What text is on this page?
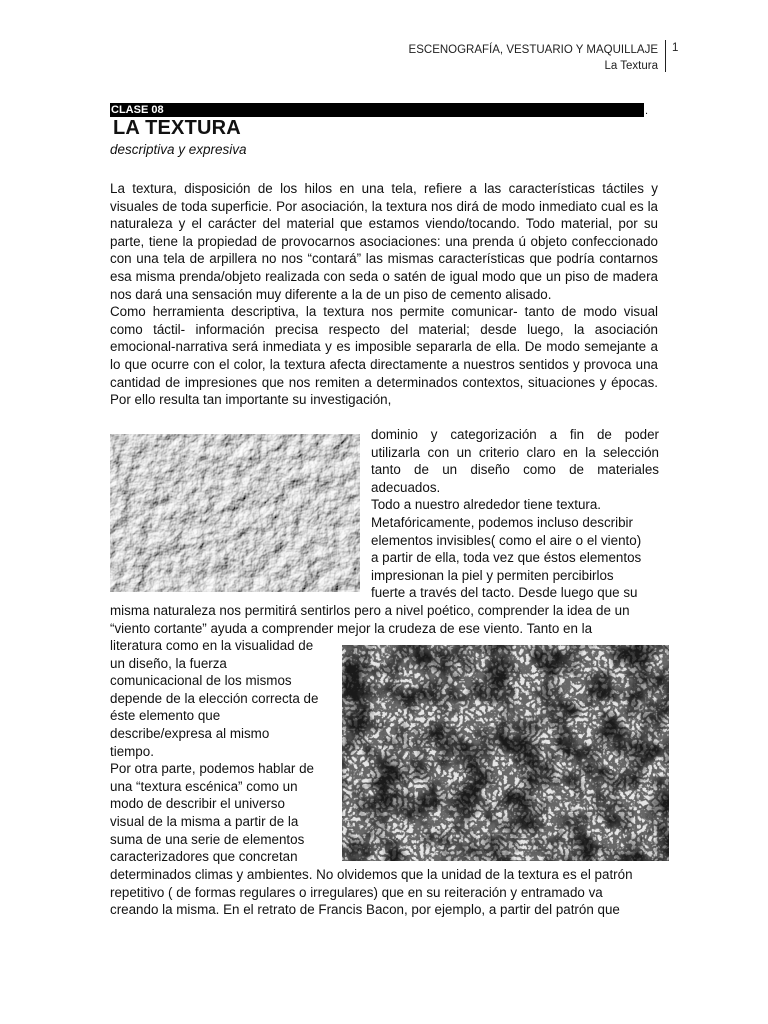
ESCENOGRAFÍA, VESTUARIO Y MAQUILLAJE
La Textura
1
CLASE 08	.
LA TEXTURA
descriptiva y expresiva

La textura, disposición de los hilos en una tela, refiere a las características táctiles y visuales de toda superficie. Por asociación, la textura nos dirá de modo inmediato cual es la naturaleza y el carácter del material que estamos viendo/tocando. Todo material, por su parte, tiene la propiedad de provocarnos asociaciones: una prenda ú objeto confeccionado con una tela de arpillera no nos “contará” las mismas características que podría contarnos esa misma prenda/objeto realizada con seda o satén de igual modo que un piso de madera nos dará una sensación muy diferente a la de un piso de cemento alisado.

Como herramienta descriptiva, la textura nos permite comunicar- tanto de modo visual como táctil- información precisa respecto del material; desde luego, la asociación emocional-narrativa será inmediata y es imposible separarla de ella. De modo semejante a lo que ocurre con el color, la textura afecta directamente a nuestros sentidos y provoca una cantidad de impresiones que nos remiten a determinados contextos, situaciones y épocas. Por ello resulta tan importante su investigación,

dominio y categorización a fin de poder
utilizarla con un criterio claro en la selección
tanto de un diseño como de materiales
adecuados.
Todo a nuestro alrededor tiene textura.
Metafóricamente, podemos incluso describir
elementos invisibles( como el aire o el viento)
a partir de ella, toda vez que éstos elementos
impresionan la piel y permiten percibirlos
fuerte a través del tacto. Desde luego que su
misma naturaleza nos permitirá sentirlos pero a nivel poético, comprender la idea de un
“viento cortante” ayuda a comprender mejor la crudeza de ese viento. Tanto en la
literatura como en la visualidad de
un diseño, la fuerza
comunicacional de los mismos
depende de la elección correcta de
éste elemento que
describe/expresa al mismo
tiempo.
Por otra parte, podemos hablar de
una “textura escénica” como un
modo de describir el universo
visual de la misma a partir de la
suma de una serie de elementos
caracterizadores que concretan
determinados climas y ambientes. No olvidemos que la unidad de la textura es el patrón
repetitivo ( de formas regulares o irregulares) que en su reiteración y entramado va
creando la misma. En el retrato de Francis Bacon, por ejemplo, a partir del patrón que
